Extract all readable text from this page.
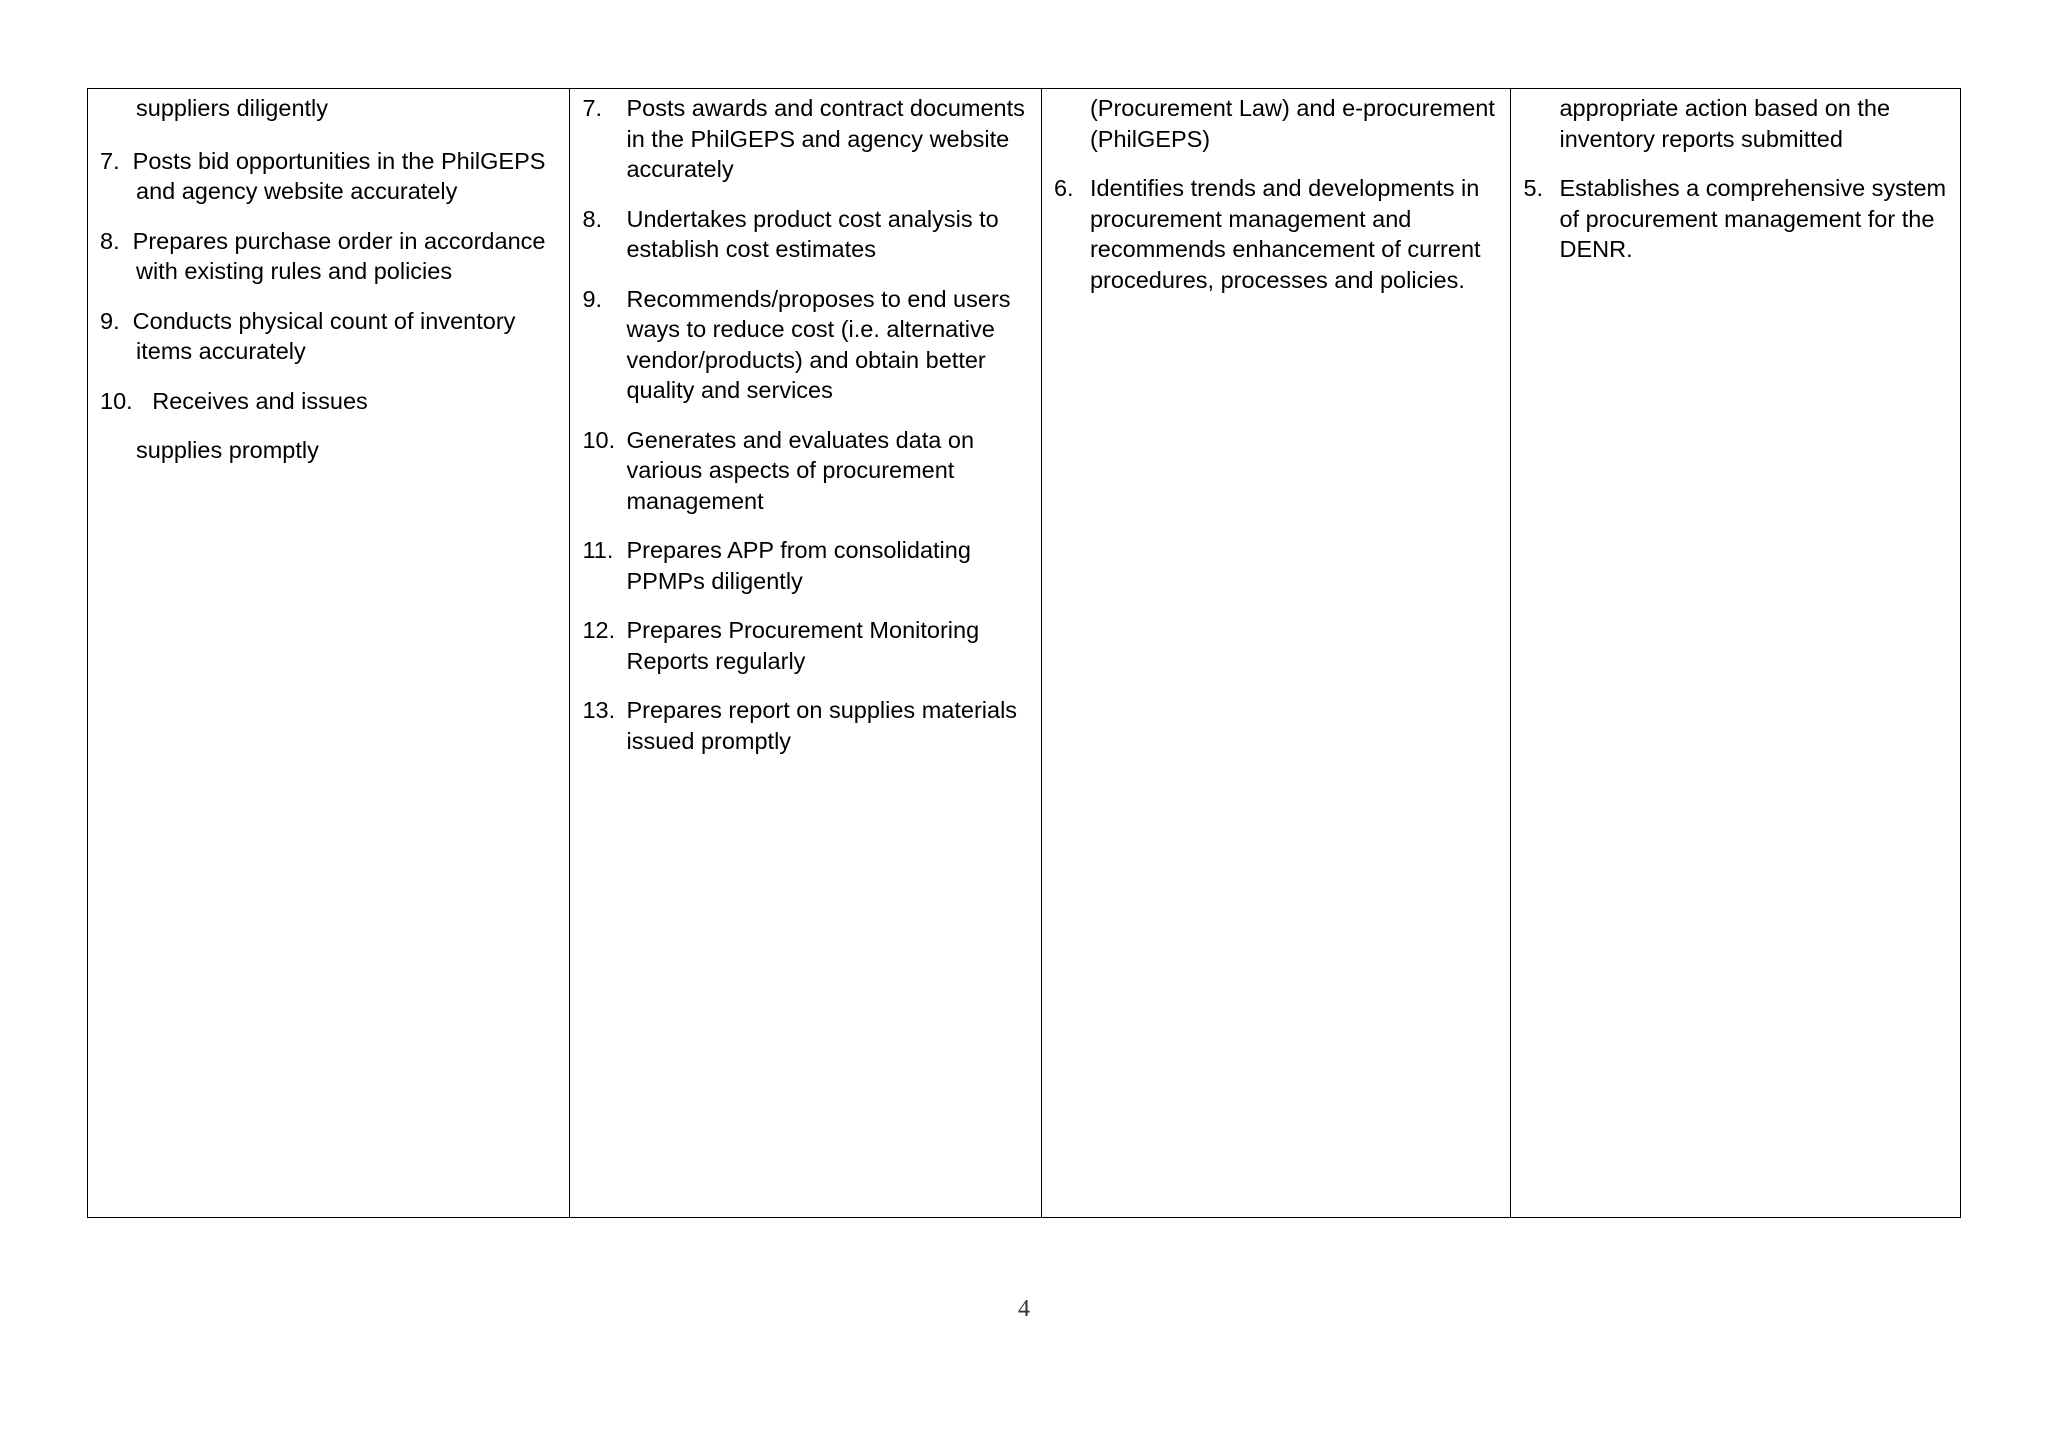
suppliers diligently
7. Posts bid opportunities in the PhilGEPS and agency website accurately
8. Prepares purchase order in accordance with existing rules and policies
9. Conducts physical count of inventory items accurately
10. Receives and issues
supplies promptly
7. Posts awards and contract documents in the PhilGEPS and agency website accurately
8. Undertakes product cost analysis to establish cost estimates
9. Recommends/proposes to end users ways to reduce cost (i.e. alternative vendor/products) and obtain better quality and services
10. Generates and evaluates data on various aspects of procurement management
11. Prepares APP from consolidating PPMPs diligently
12. Prepares Procurement Monitoring Reports regularly
13. Prepares report on supplies materials issued promptly
(Procurement Law) and e-procurement (PhilGEPS)
6. Identifies trends and developments in procurement management and recommends enhancement of current procedures, processes and policies.
appropriate action based on the inventory reports submitted
5. Establishes a comprehensive system of procurement management for the DENR.
4
